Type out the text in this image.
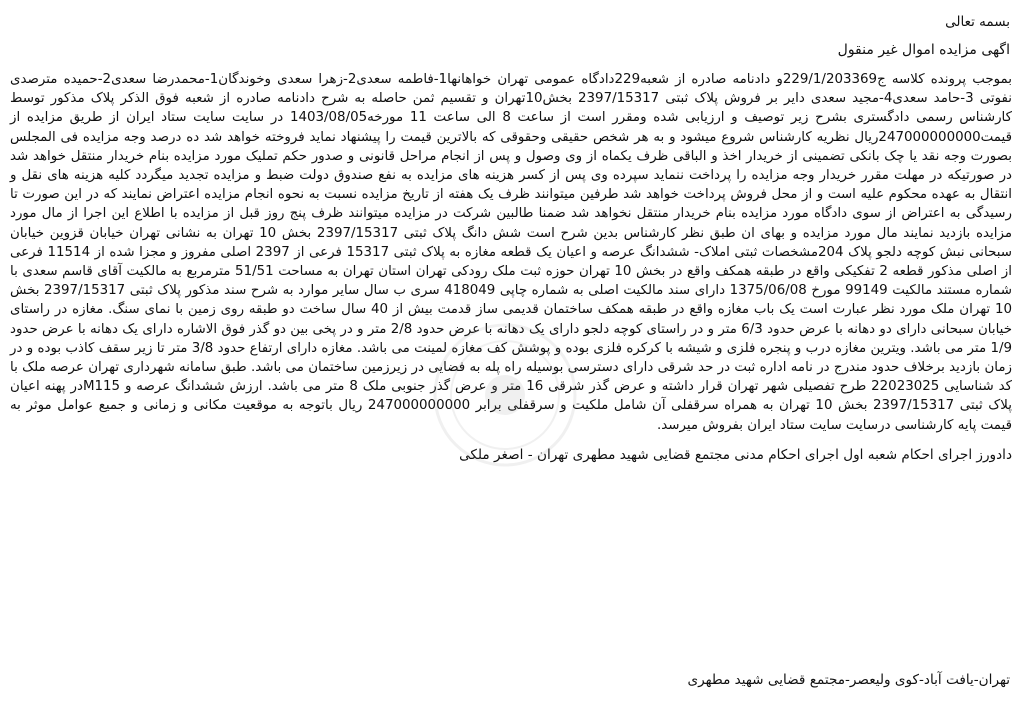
بسمه تعالی
اگهی مزایده اموال غیر منقول
بموجب پرونده کلاسه ج229/1/203369و دادنامه صادره از شعبه229دادگاه عمومی تهران خواهانها1-فاطمه سعدی2-زهرا سعدی وخوندگان1-محمدرضا سعدی2-حمیده مترصدی نفوتی 3-حامد سعدی4-مجید سعدی دایر بر فروش پلاک ثبتی 2397/15317 بخش10تهران و تقسیم ثمن حاصله به شرح دادنامه صادره از شعبه فوق الذکر پلاک مذکور توسط کارشناس رسمی دادگستری بشرح زیر توصیف و ارزیابی شده ومقرر است از ساعت 8 الی ساعت 11 مورخه1403/08/05 در سایت سایت ستاد ایران از طریق مزایده از قیمت247000000000ریال نظریه کارشناس شروع میشود و به هر شخص حقیقی وحقوقی که بالاترین قیمت را پیشنهاد نماید فروخته خواهد شد ده درصد وجه مزایده فی المجلس بصورت وجه نقد یا چک بانکی تضمینی از خریدار اخذ و الباقی ظرف یکماه از وی وصول و پس از انجام مراحل قانونی و صدور حکم تملیک مورد مزایده بنام خریدار منتقل خواهد شد در صورتیکه در مهلت مقرر خریدار وجه مزایده را پرداخت ننماید سپرده وی پس از کسر هزینه های مزایده به نفع صندوق دولت ضبط و مزایده تجدید میگردد کلیه هزینه های نقل و انتقال به عهده محکوم علیه است و از محل فروش پرداخت خواهد شد طرفین میتوانند ظرف یک هفته از تاریخ مزایده نسبت به نحوه انجام مزایده اعتراض نمایند که در این صورت تا رسیدگی به اعتراض از سوی دادگاه مورد مزایده بنام خریدار منتقل نخواهد شد ضمنا طالبین شرکت در مزایده میتوانند ظرف پنج روز قبل از مزایده با اطلاع این اجرا از مال مورد مزایده بازدید نمایند مال مورد مزایده و بهای ان طبق نظر کارشناس بدین شرح است شش دانگ پلاک ثبتی 2397/15317 بخش 10 تهران به نشانی تهران خیابان قزوین خیابان سبحانی نبش کوچه دلجو پلاک 204مشخصات ثبتی املاک- ششدانگ عرصه و اعیان یک قطعه مغازه به پلاک ثبتی 15317 فرعی از 2397 اصلی مفروز و مجزا شده از 11514 فرعی از اصلی مذکور قطعه 2 تفکیکی واقع در طبقه همکف واقع در بخش 10 تهران حوزه ثبت ملک رودکی تهران استان تهران به مساحت 51/51 مترمربع به مالکیت آقای قاسم سعدی با شماره مستند مالکیت 99149 مورخ 1375/06/08 دارای سند مالکیت اصلی به شماره چاپی 418049 سری ب سال سایر موارد به شرح سند مذکور پلاک ثبتی 2397/15317 بخش 10 تهران ملک مورد نظر عبارت است یک باب مغازه واقع در طبقه همکف ساختمان قدیمی ساز قدمت بیش از 40 سال ساخت دو طبقه روی زمین با نمای سنگ. مغازه در راستای خیابان سبحانی دارای دو دهانه با عرض حدود 6/3 متر و در راستای کوچه دلجو دارای یک دهانه با عرض حدود 2/8 متر و در پخی بین دو گذر فوق الاشاره دارای یک دهانه با عرض حدود 1/9 متر می باشد. ویترین مغازه درب و پنجره فلزی و شیشه با کرکره فلزی بوده و پوشش کف مغازه لمینت می باشد. مغازه دارای ارتفاع حدود 3/8 متر تا زیر سقف کاذب بوده و در زمان بازدید برخلاف حدود مندرج در نامه اداره ثبت در حد شرقی دارای دسترسی بوسیله راه پله به فضایی در زیرزمین ساختمان می باشد. طبق سامانه شهرداری تهران عرصه ملک با کد شناسایی 22023025 طرح تفصیلی شهر تهران قرار داشته و عرض گذر شرقی 16 متر و عرض گذر جنوبی ملک 8 متر می باشد. ارزش ششدانگ عرصه و M115در پهنه اعیان پلاک ثبتی 2397/15317 بخش 10 تهران به همراه سرقفلی آن شامل ملکیت و سرقفلی برابر 247000000000 ریال باتوجه به موقعیت مکانی و زمانی و جمیع عوامل موثر به قیمت پایه کارشناسی درسایت سایت ستاد ایران بفروش میرسد.
دادورز اجرای احکام شعبه اول اجرای احکام مدنی مجتمع قضایی شهید مطهری تهران - اصغر ملکی
تهران-یافت آباد-کوی ولیعصر-مجتمع قضایی شهید مطهری
